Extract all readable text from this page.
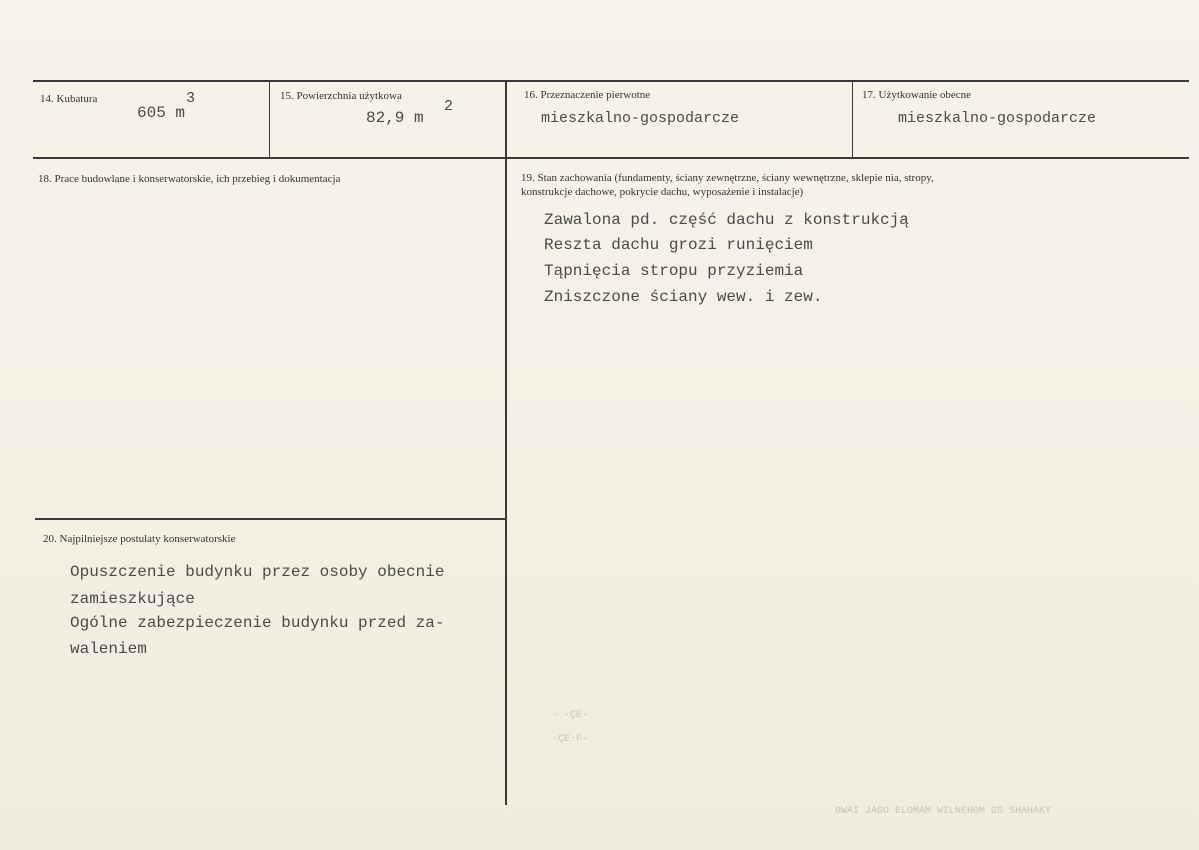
14. Kubatura
605 m
3	15. Powierzchnia użytkowa
82,9 m
2
16. Przeznaczenie pierwotne
mieszkalno-gospodarcze
17. Użytkowanie obecne
mieszkalno-gospodarcze
18. Prace budowlane i konserwatorskie, ich przebieg i dokumentacja	19. Stan zachowania (fundamenty, ściany zewnętrzne, ściany wewnętrzne, sklepie nia, stropy,
konstrukcje dachowe, pokrycie dachu, wyposażenie i instalacje)
Zawalona pd. część dachu z konstrukcją
Reszta dachu grozi runięciem
Tąpnięcia stropu przyziemia
Zniszczone ściany wew. i zew.
20. Najpilniejsze postulaty konserwatorskie
Opuszczenie budynku przez osoby obecnie
zamieszkujące
Ogólne zabezpieczenie budynku przed za-
waleniem
0WAI JAGO ELOMAM WILNEHOM GS SHAHAKY
· ·ÇE·
·ÇE·F·
